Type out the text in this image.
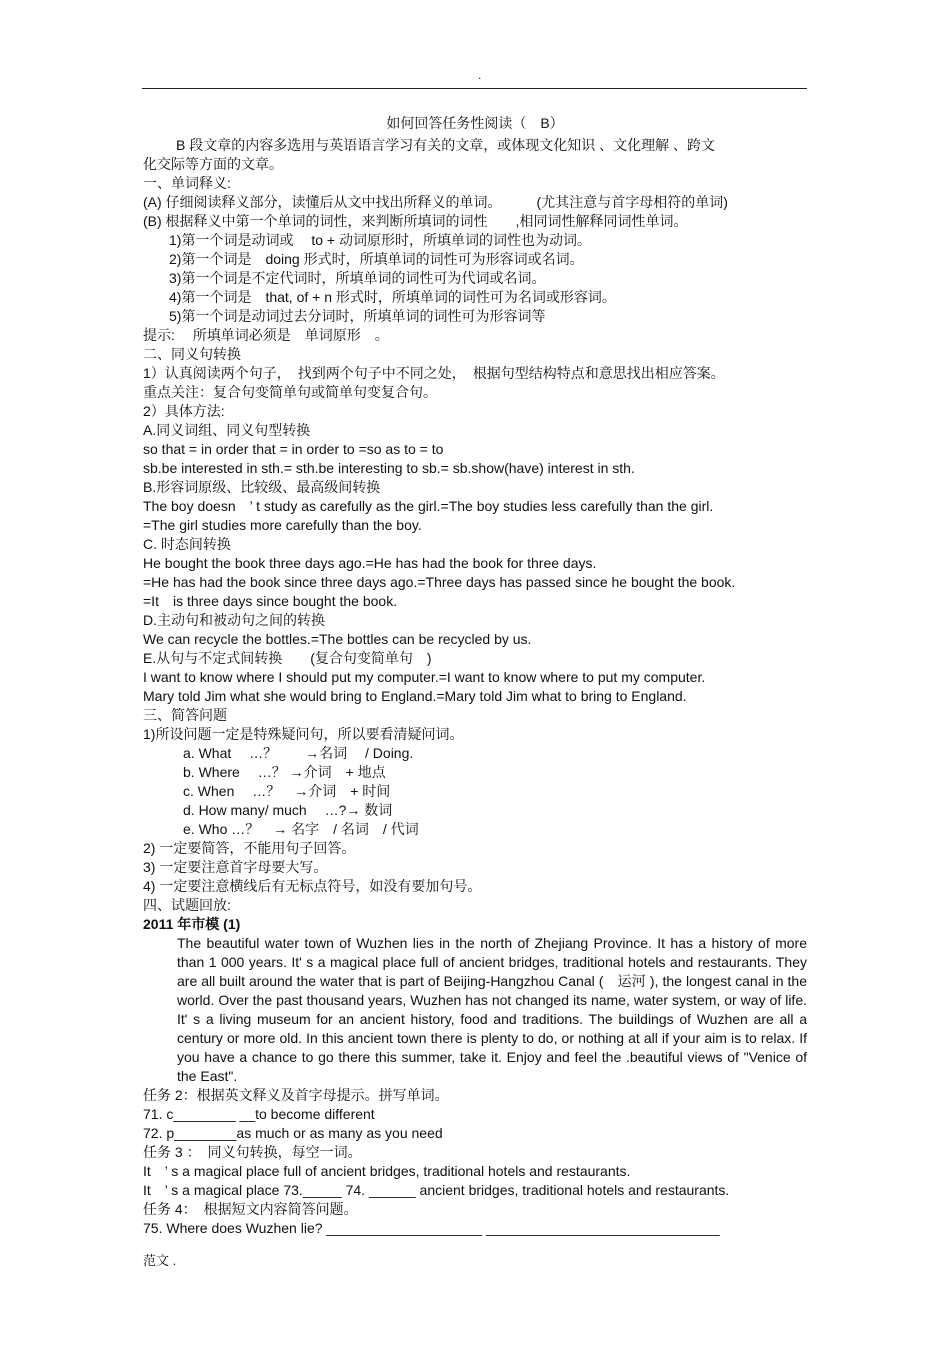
.
如何回答任务性阅读（　B）
B 段文章的内容多选用与英语语言学习有关的文章，或体现文化知识 、文化理解 、跨文
化交际等方面的文章。
一、单词释义:
(A) 仔细阅读释义部分，读懂后从文中找出所释义的单词。　　　(尤其注意与首字母相符的单词)
(B) 根据释义中第一个单词的词性，来判断所填词的词性　　,相同词性解释同词性单词。
1)第一个词是动词或　 to + 动词原形时，所填单词的词性也为动词。
2)第一个词是　doing 形式时，所填单词的词性可为形容词或名词。
3)第一个词是不定代词时，所填单词的词性可为代词或名词。
4)第一个词是　that, of + n 形式时，所填单词的词性可为名词或形容词。
5)第一个词是动词过去分词时，所填单词的词性可为形容词等
提示:　 所填单词必须是　单词原形　。
二、同义句转换
1）认真阅读两个句子，　找到两个句子中不同之处，　根据句型结构特点和意思找出相应答案。
重点关注：复合句变简单句或简单句变复合句。
2）具体方法:
A.同义词组、同义句型转换
so that = in order that = in order to =so as to = to
sb.be interested in sth.= sth.be interesting to sb.= sb.show(have) interest in sth.
B.形容词原级、比较级、最高级间转换
The boy doesn　’ t study as carefully as the girl.=The boy studies less carefully than the girl.
=The girl studies more carefully than the boy.
C. 时态间转换
He bought the book three days ago.=He has had the book for three days.
=He has had the book since three days ago.=Three days has passed since he bought the book.
=It　is three days since bought the book.
D.主动句和被动句之间的转换
We can recycle the bottles.=The bottles can be recycled by us.
E.从句与不定式间转换　　(复合句变简单句　)
I want to know where I should put my computer.=I want to know where to put my computer.
Mary told Jim what she would bring to England.=Mary told Jim what to bring to England.
三、简答问题
1)所设问题一定是特殊疑问句，所以要看清疑问词。
a. What　 …？　　→名词　 / Doing.
b. Where　 …？ →介词　+ 地点
c. When　 …？　→介词　+ 时间
d. How many/ much　 …?→ 数词
e. Who …？　→ 名字　/ 名词　/ 代词
2) 一定要简答，不能用句子回答。
3) 一定要注意首字母要大写。
4) 一定要注意横线后有无标点符号，如没有要加句号。
四、试题回放:
2011 年市模 (1)
The beautiful water town of Wuzhen lies in the north of Zhejiang Province. It has a history of more than 1 000 years. It' s a magical place full of ancient bridges, traditional hotels and restaurants. They are all built around the water that is part of Beijing-Hangzhou Canal (　运河 ), the longest canal in the world. Over the past thousand years, Wuzhen has not changed its name, water system, or way of life. It' s a living museum for an ancient history, food and traditions. The buildings of Wuzhen are all a century or more old. In this ancient town there is plenty to do, or nothing at all if your aim is to relax. If you have a chance to go there this summer, take it. Enjoy and feel the .beautiful views of "Venice of the East".
任务 2：根据英文释义及首字母提示。拼写单词。
71. c________ __to become different
72. p________as much or as many as you need
任务 3 ：　同义句转换，每空一词。
It　’ s a magical place full of ancient bridges, traditional hotels and restaurants.
It　’ s a magical place 73._____ 74. ______ ancient bridges, traditional hotels and restaurants.
任务 4：　根据短文内容简答问题。
75. Where does Wuzhen lie? ____________________ ______________________________
范文 .
